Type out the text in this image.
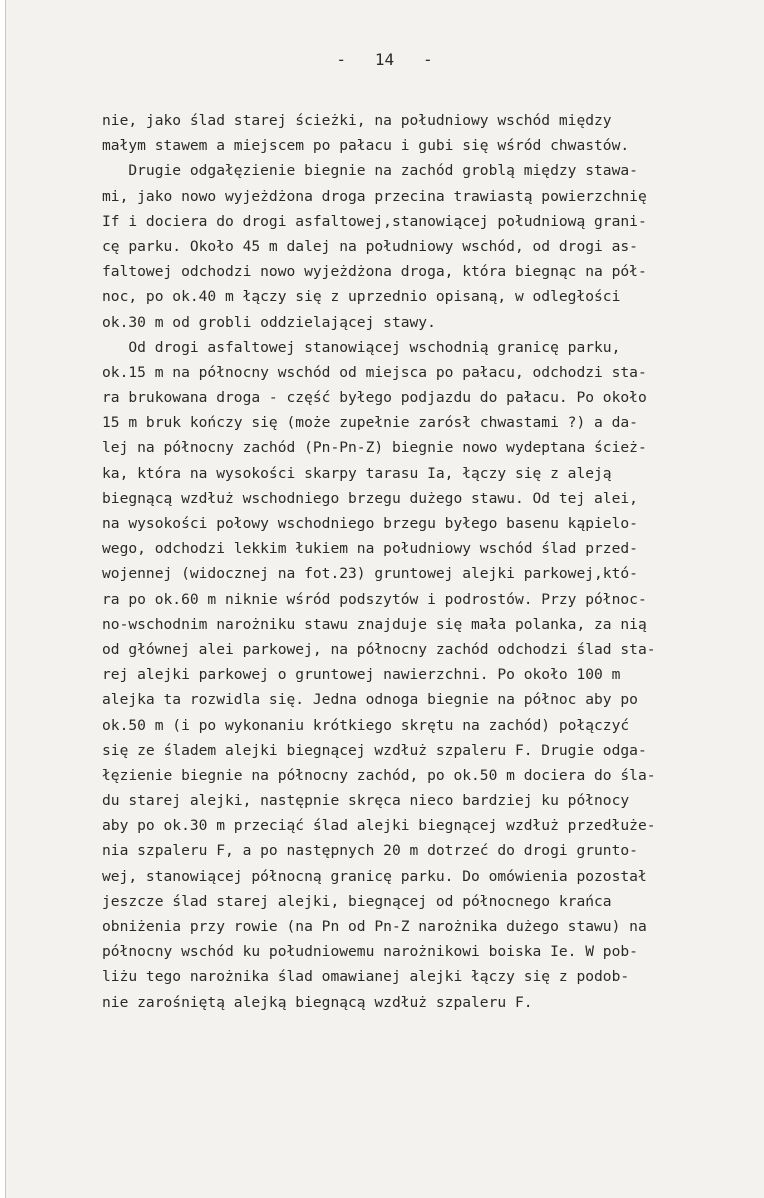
-   14   -
nie, jako ślad starej ścieżki, na południowy wschód między
małym stawem a miejscem po pałacu i gubi się wśród chwastów.
Drugie odgałęzienie biegnie na zachód groblą między stawa-
mi, jako nowo wyjeżdżona droga przecina trawiastą powierzchnię
If i dociera do drogi asfaltowej,stanowiącej południową grani-
cę parku. Około 45 m dalej na południowy wschód, od drogi as-
faltowej odchodzi nowo wyjeżdżona droga, która biegnąc na pół-
noc, po ok.40 m łączy się z uprzednio opisaną, w odległości
ok.30 m od grobli oddzielającej stawy.
Od drogi asfaltowej stanowiącej wschodnią granicę parku,
ok.15 m na północny wschód od miejsca po pałacu, odchodzi sta-
ra brukowana droga - część byłego podjazdu do pałacu. Po około
15 m bruk kończy się (może zupełnie zarósł chwastami ?) a da-
lej na północny zachód (Pn-Pn-Z) biegnie nowo wydeptana ścież-
ka, która na wysokości skarpy tarasu Ia, łączy się z aleją
biegnącą wzdłuż wschodniego brzegu dużego stawu. Od tej alei,
na wysokości połowy wschodniego brzegu byłego basenu kąpielo-
wego, odchodzi lekkim łukiem na południowy wschód ślad przed-
wojennej (widocznej na fot.23) gruntowej alejki parkowej,któ-
ra po ok.60 m niknie wśród podszytów i podrostów. Przy północ-
no-wschodnim narożniku stawu znajduje się mała polanka, za nią
od głównej alei parkowej, na północny zachód odchodzi ślad sta-
rej alejki parkowej o gruntowej nawierzchni. Po około 100 m
alejka ta rozwidla się. Jedna odnoga biegnie na północ aby po
ok.50 m (i po wykonaniu krótkiego skrętu na zachód) połączyć
się ze śladem alejki biegnącej wzdłuż szpaleru F. Drugie odga-
łęzienie biegnie na północny zachód, po ok.50 m dociera do śla-
du starej alejki, następnie skręca nieco bardziej ku północy
aby po ok.30 m przeciąć ślad alejki biegnącej wzdłuż przedłuże-
nia szpaleru F, a po następnych 20 m dotrzeć do drogi grunto-
wej, stanowiącej północną granicę parku. Do omówienia pozostał
jeszcze ślad starej alejki, biegnącej od północnego krańca
obniżenia przy rowie (na Pn od Pn-Z narożnika dużego stawu) na
północny wschód ku południowemu narożnikowi boiska Ie. W pob-
liżu tego narożnika ślad omawianej alejki łączy się z podob-
nie zarośniętą alejką biegnącą wzdłuż szpaleru F.
